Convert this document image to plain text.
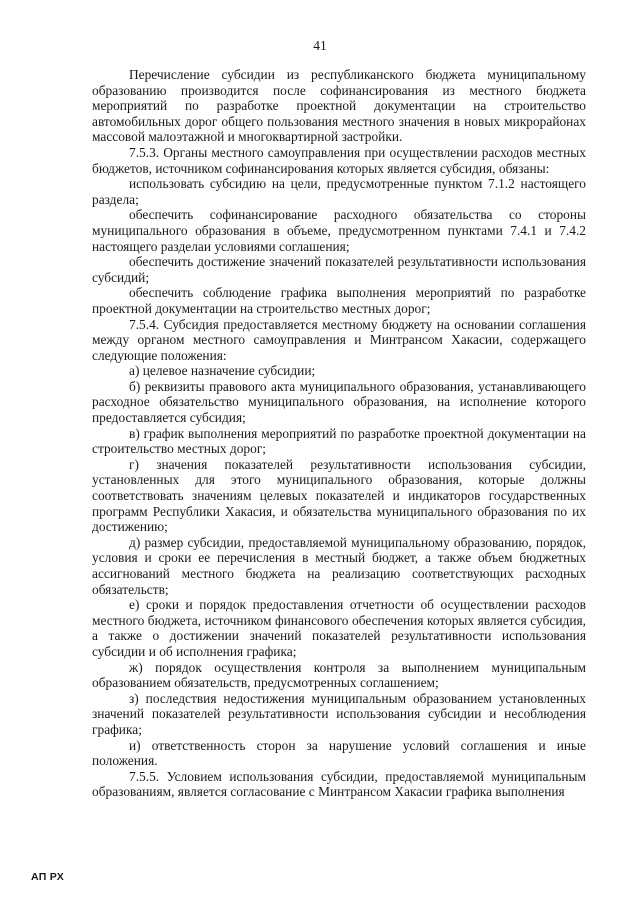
41

Перечисление субсидии из республиканского бюджета муниципальному образованию производится после софинансирования из местного бюджета мероприятий по разработке проектной документации на строительство автомобильных дорог общего пользования местного значения в новых микрорайонах массовой малоэтажной и многоквартирной застройки.

7.5.3. Органы местного самоуправления при осуществлении расходов местных бюджетов, источником софинансирования которых является субсидия, обязаны:

использовать субсидию на цели, предусмотренные пунктом 7.1.2 настоящего раздела;

обеспечить софинансирование расходного обязательства со стороны муниципального образования в объеме, предусмотренном пунктами 7.4.1 и 7.4.2 настоящего разделаи условиями соглашения;

обеспечить достижение значений показателей результативности использования субсидий;

обеспечить соблюдение графика выполнения мероприятий по разработке проектной документации на строительство местных дорог;

7.5.4. Субсидия предоставляется местному бюджету на основании соглашения между органом местного самоуправления и Минтрансом Хакасии, содержащего следующие положения:

а) целевое назначение субсидии;

б) реквизиты правового акта муниципального образования, устанавливающего расходное обязательство муниципального образования, на исполнение которого предоставляется субсидия;

в) график выполнения мероприятий по разработке проектной документации на строительство местных дорог;

г) значения показателей результативности использования субсидии, установленных для этого муниципального образования, которые должны соответствовать значениям целевых показателей и индикаторов государственных программ Республики Хакасия, и обязательства муниципального образования по их достижению;

д) размер субсидии, предоставляемой муниципальному образованию, порядок, условия и сроки ее перечисления в местный бюджет, а также объем бюджетных ассигнований местного бюджета на реализацию соответствующих расходных обязательств;

е) сроки и порядок предоставления отчетности об осуществлении расходов местного бюджета, источником финансового обеспечения которых является субсидия, а также о достижении значений показателей результативности использования субсидии и об исполнения графика;

ж) порядок осуществления контроля за выполнением муниципальным образованием обязательств, предусмотренных соглашением;

з) последствия недостижения муниципальным образованием установленных значений показателей результативности использования субсидии и несоблюдения графика;

и) ответственность сторон за нарушение условий соглашения и иные положения.

7.5.5. Условием использования субсидии, предоставляемой муниципальным образованиям, является согласование с Минтрансом Хакасии графика выполнения

АП РХ
